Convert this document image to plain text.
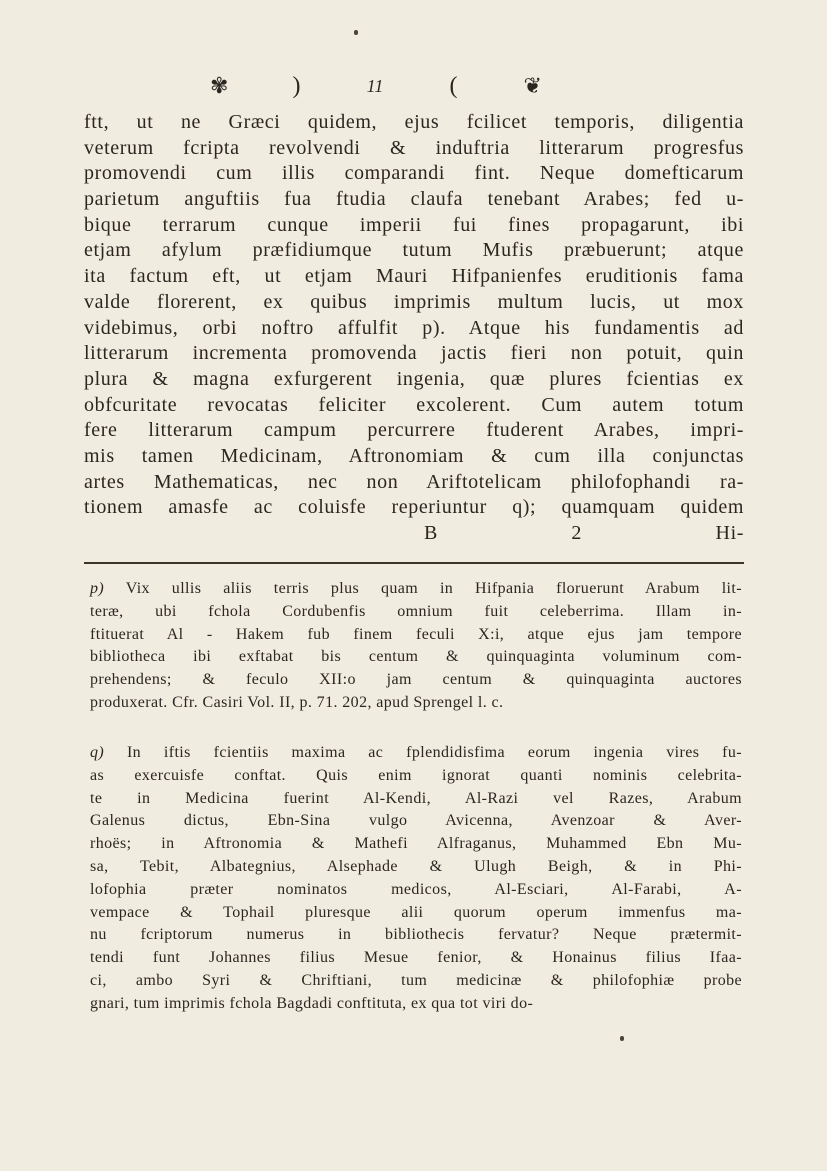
✾	)	11	(	❦
ftt, ut ne Græci quidem, ejus fcilicet temporis, diligentia
veterum fcripta revolvendi & induftria litterarum progresfus
promovendi cum illis comparandi fint. Neque domefticarum
parietum anguftiis fua ftudia claufa tenebant Arabes; fed u-
bique terrarum cunque imperii fui fines propagarunt, ibi
etjam afylum præfidiumque tutum Mufis præbuerunt; atque
ita factum eft, ut etjam Mauri Hifpanienfes eruditionis fama
valde florerent, ex quibus imprimis multum lucis, ut mox
videbimus, orbi noftro affulfit p). Atque his fundamentis ad
litterarum incrementa promovenda jactis fieri non potuit, quin
plura & magna exfurgerent ingenia, quæ plures fcientias ex
obfcuritate revocatas feliciter excolerent. Cum autem totum
fere litterarum campum percurrere ftuderent Arabes, impri-
mis tamen Medicinam, Aftronomiam & cum illa conjunctas
artes Mathematicas, nec non Ariftotelicam philofophandi ra-
tionem amasfe ac coluisfe reperiuntur q); quamquam quidem
B 2	Hi-
p) Vix ullis aliis terris plus quam in Hifpania floruerunt Arabum lit-
teræ, ubi fchola Cordubenfis omnium fuit celeberrima. Illam in-
ftituerat Al - Hakem fub finem feculi X:i, atque ejus jam tempore
bibliotheca ibi exftabat bis centum & quinquaginta voluminum com-
prehendens; & feculo XII:o jam centum & quinquaginta auctores
produxerat. Cfr. Casiri Vol. II, p. 71. 202, apud Sprengel l. c.
q) In iftis fcientiis maxima ac fplendidisfima eorum ingenia vires fu-
as exercuisfe conftat. Quis enim ignorat quanti nominis celebrita-
te in Medicina fuerint Al-Kendi, Al-Razi vel Razes, Arabum
Galenus dictus, Ebn-Sina vulgo Avicenna, Avenzoar & Aver-
rhoës; in Aftronomia & Mathefi Alfraganus, Muhammed Ebn Mu-
sa, Tebit, Albategnius, Alsephade & Ulugh Beigh, & in Phi-
lofophia præter nominatos medicos, Al-Esciari, Al-Farabi, A-
vempace & Tophail pluresque alii quorum operum immenfus ma-
nu fcriptorum numerus in bibliothecis fervatur? Neque prætermit-
tendi funt Johannes filius Mesue fenior, & Honainus filius Ifaa-
ci, ambo Syri & Chriftiani, tum medicinæ & philofophiæ probe
gnari, tum imprimis fchola Bagdadi conftituta, ex qua tot viri do-
